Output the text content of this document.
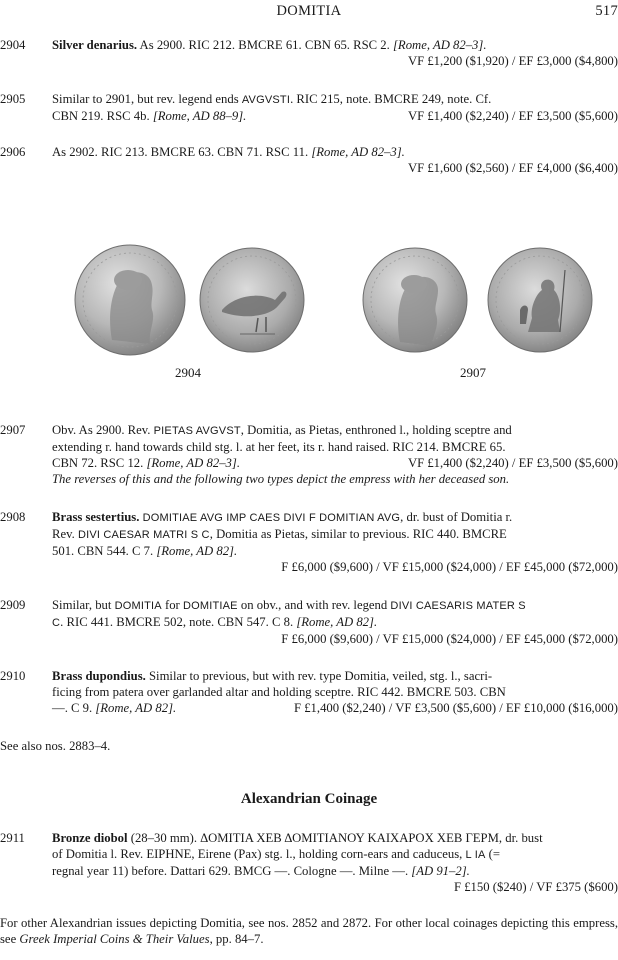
DOMITIA	517
2904 Silver denarius. As 2900. RIC 212. BMCRE 61. CBN 65. RSC 2. [Rome, AD 82–3].
VF £1,200 ($1,920) / EF £3,000 ($4,800)
2905 Similar to 2901, but rev. legend ends AVGVSTI. RIC 215, note. BMCRE 249, note. Cf.
CBN 219. RSC 4b. [Rome, AD 88–9].	VF £1,400 ($2,240) / EF £3,500 ($5,600)
2906 As 2902. RIC 213. BMCRE 63. CBN 71. RSC 11. [Rome, AD 82–3].
VF £1,600 ($2,560) / EF £4,000 ($6,400)
2904	2907
2907 Obv. As 2900. Rev. PIETAS AVGVST, Domitia, as Pietas, enthroned l., holding sceptre and
extending r. hand towards child stg. l. at her feet, its r. hand raised. RIC 214. BMCRE 65.
CBN 72. RSC 12. [Rome, AD 82–3].	VF £1,400 ($2,240) / EF £3,500 ($5,600)
The reverses of this and the following two types depict the empress with her deceased son.
2908 Brass sestertius. DOMITIAE AVG IMP CAES DIVI F DOMITIAN AVG, dr. bust of Domitia r.
Rev. DIVI CAESAR MATRI S C, Domitia as Pietas, similar to previous. RIC 440. BMCRE
501. CBN 544. C 7. [Rome, AD 82].
F £6,000 ($9,600) / VF £15,000 ($24,000) / EF £45,000 ($72,000)
2909 Similar, but DOMITIA for DOMITIAE on obv., and with rev. legend DIVI CAESARIS MATER S
C. RIC 441. BMCRE 502, note. CBN 547. C 8. [Rome, AD 82].
F £6,000 ($9,600) / VF £15,000 ($24,000) / EF £45,000 ($72,000)
2910 Brass dupondius. Similar to previous, but with rev. type Domitia, veiled, stg. l., sacri-
ficing from patera over garlanded altar and holding sceptre. RIC 442. BMCRE 503. CBN
—. C 9. [Rome, AD 82].	F £1,400 ($2,240) / VF £3,500 ($5,600) / EF £10,000 ($16,000)
See also nos. 2883–4.
Alexandrian Coinage
2911 Bronze diobol (28–30 mm). ΔΟΜΙΤΙΑ ΧΕΒ ΔΟΜΙΤΙΑΝΟΥ ΚΑΙΧΑΡΟΧ ΧΕΒ ΓΕΡΜ, dr. bust
of Domitia l. Rev. ΕΙΡΗΝΕ, Eirene (Pax) stg. l., holding corn-ears and caduceus, L IA (=
regnal year 11) before. Dattari 629. BMCG —. Cologne —. Milne —. [AD 91–2].
F £150 ($240) / VF £375 ($600)
For other Alexandrian issues depicting Domitia, see nos. 2852 and 2872. For other local coinages depicting this empress, see Greek Imperial Coins & Their Values, pp. 84–7.
